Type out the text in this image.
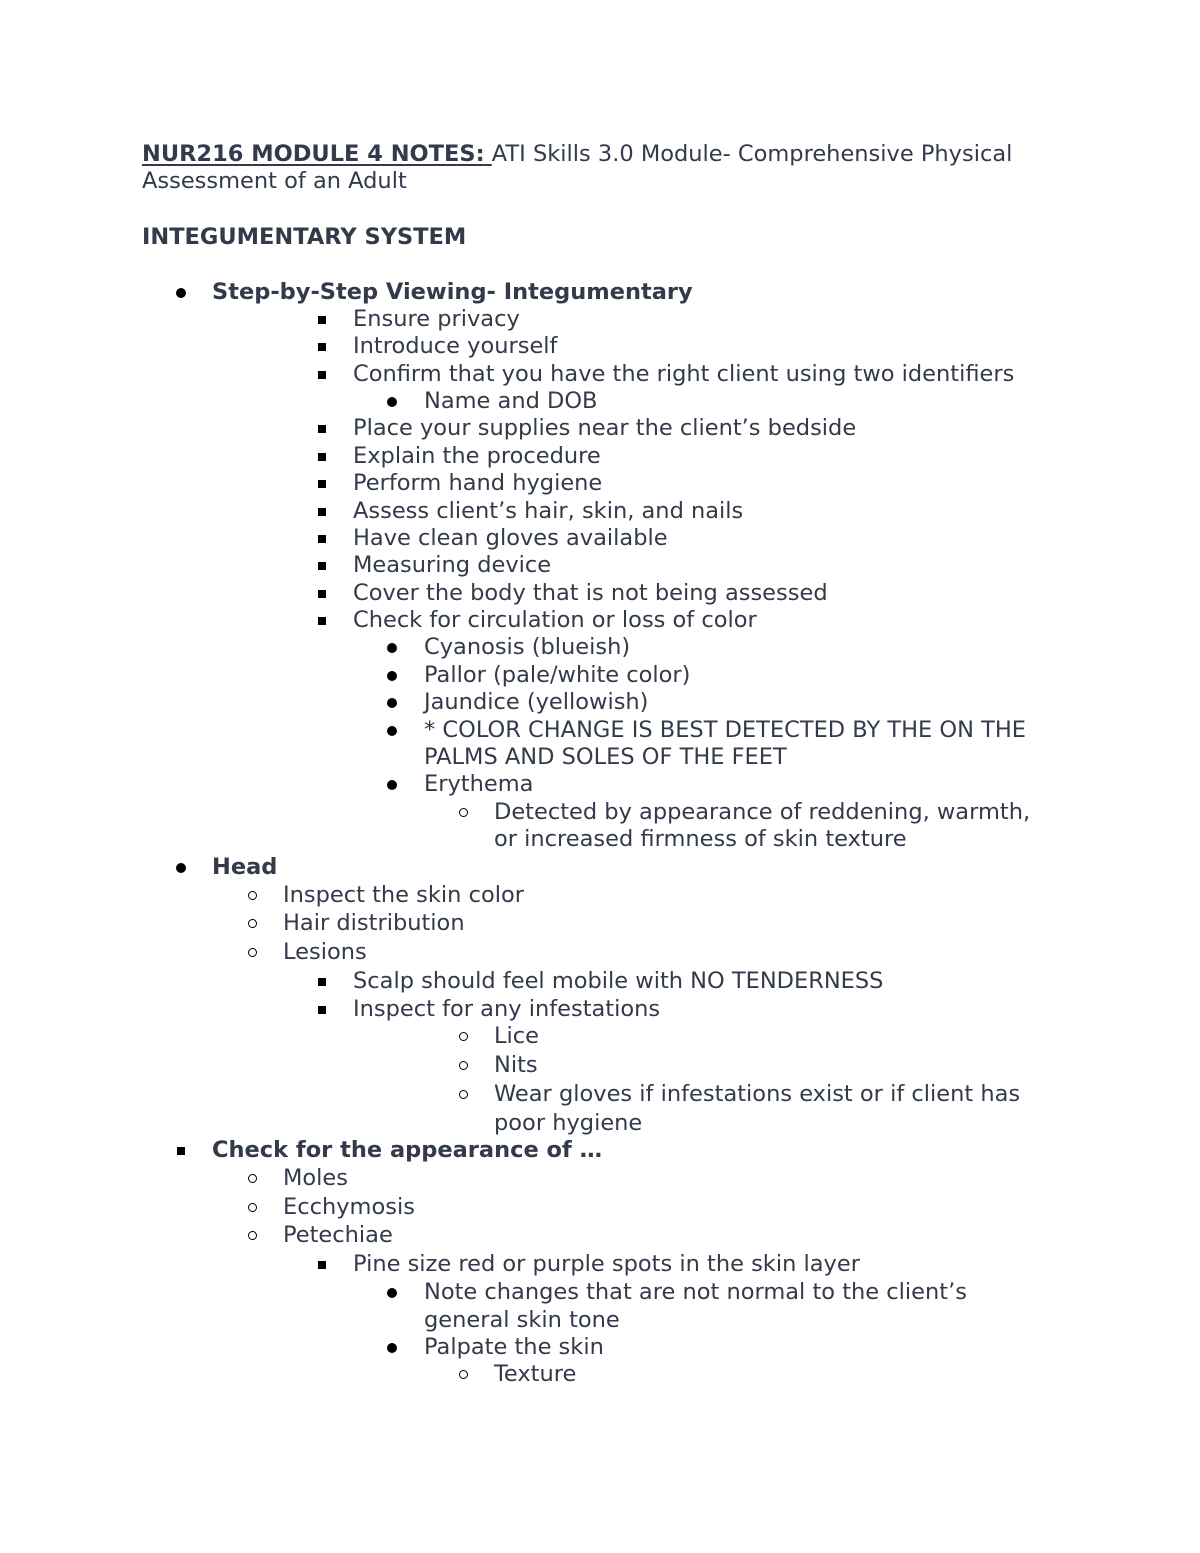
NUR216 MODULE 4 NOTES: ATI Skills 3.0 Module- Comprehensive Physical
Assessment of an Adult
INTEGUMENTARY SYSTEM
Step-by-Step Viewing- Integumentary
Ensure privacy
Introduce yourself
Confirm that you have the right client using two identifiers
Name and DOB
Place your supplies near the client’s bedside
Explain the procedure
Perform hand hygiene
Assess client’s hair, skin, and nails
Have clean gloves available
Measuring device
Cover the body that is not being assessed
Check for circulation or loss of color
Cyanosis (blueish)
Pallor (pale/white color)
Jaundice (yellowish)
* COLOR CHANGE IS BEST DETECTED BY THE ON THE
PALMS AND SOLES OF THE FEET
Erythema
Detected by appearance of reddening, warmth,
or increased firmness of skin texture
Head
Inspect the skin color
Hair distribution
Lesions
Scalp should feel mobile with NO TENDERNESS
Inspect for any infestations
Lice
Nits
Wear gloves if infestations exist or if client has
poor hygiene
Check for the appearance of …
Moles
Ecchymosis
Petechiae
Pine size red or purple spots in the skin layer
Note changes that are not normal to the client’s
general skin tone
Palpate the skin
Texture
